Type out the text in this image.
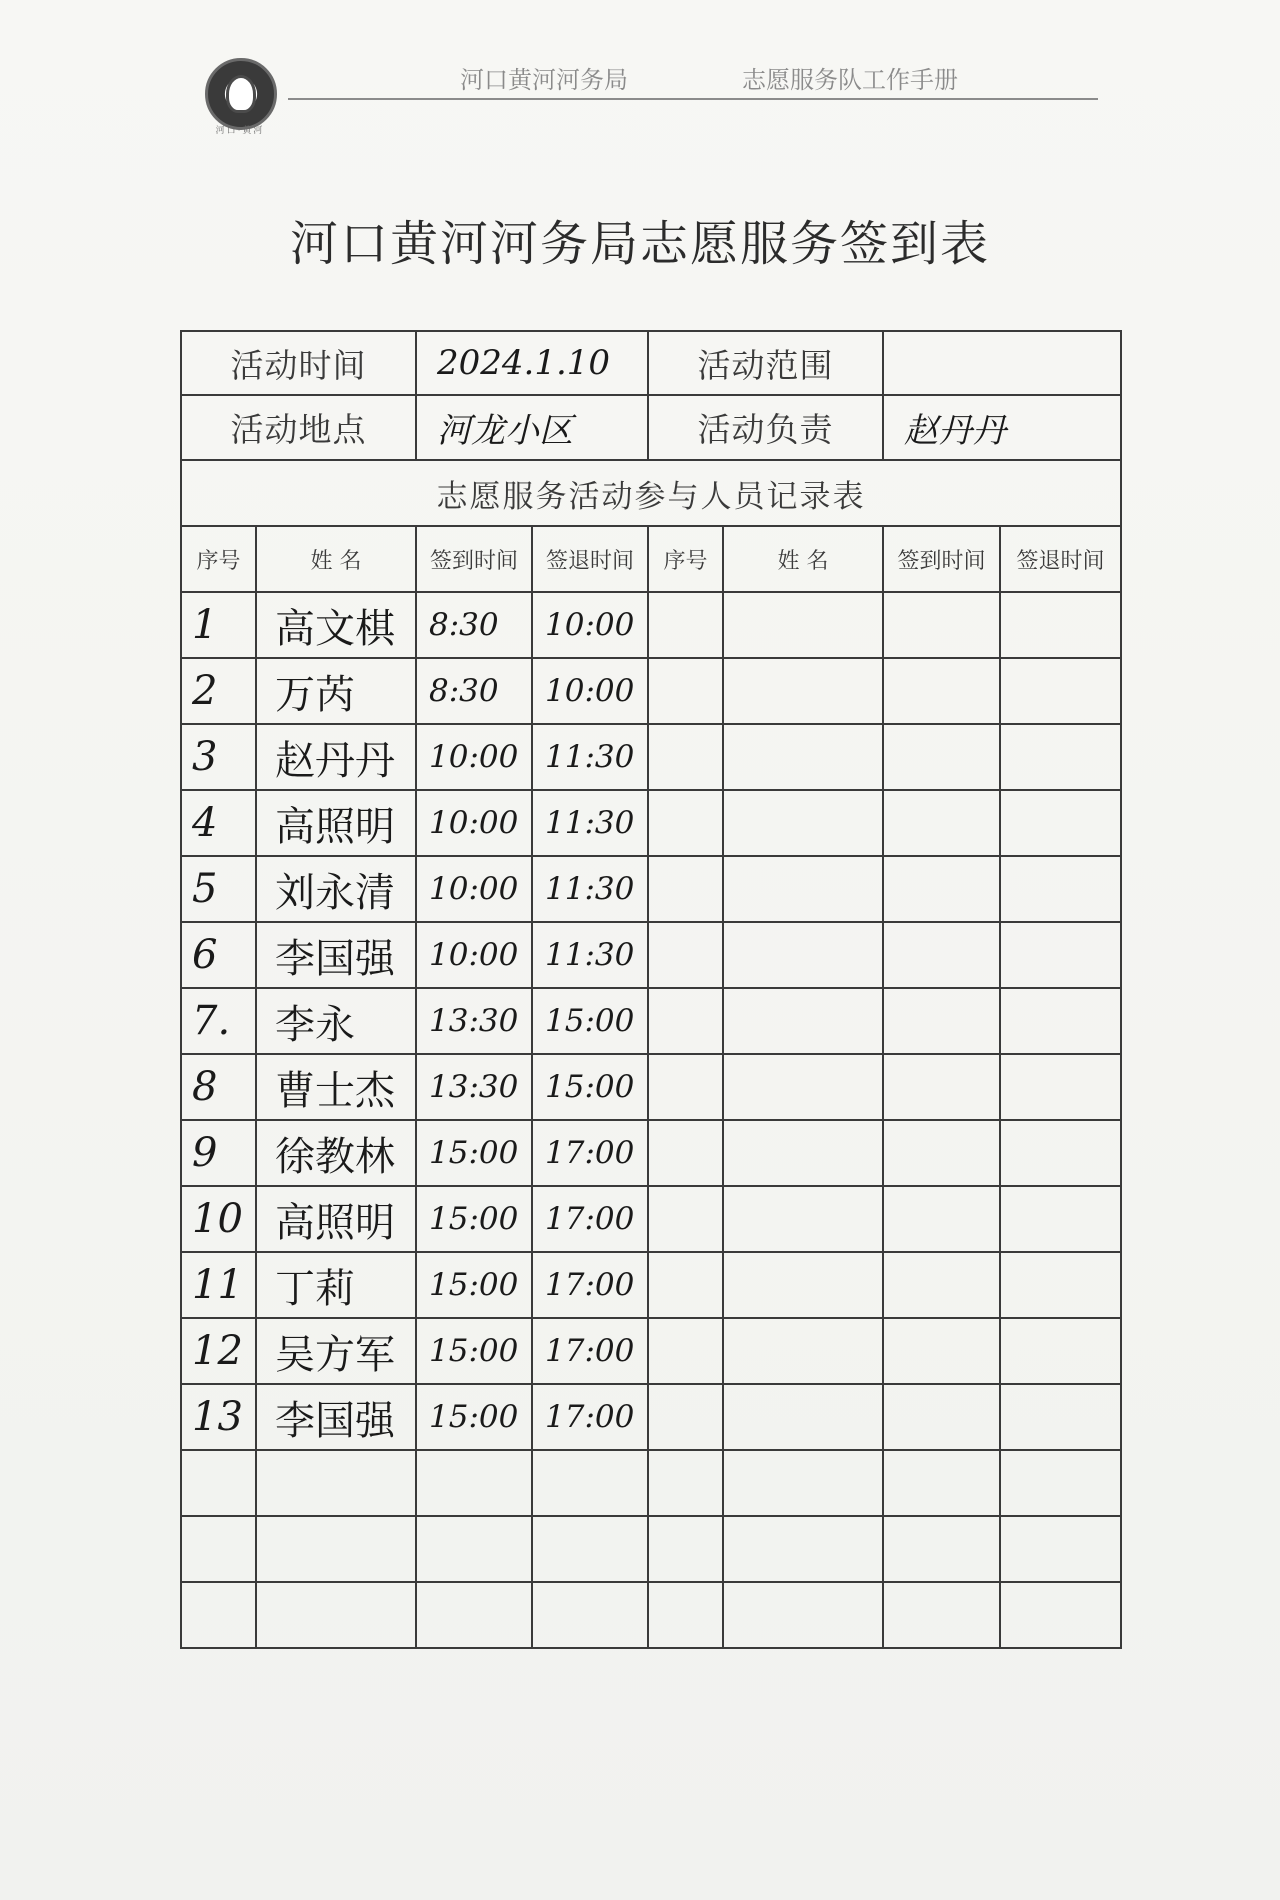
河口·黄河
河口黄河河务局	志愿服务队工作手册
河口黄河河务局志愿服务签到表
活动时间		2024.1.10		活动范围			
活动地点		河龙小区		活动负责		赵丹丹	
志愿服务活动参与人员记录表							
序号	姓 名	签到时间	签退时间	序号	姓 名	签到时间	签退时间
1	高文棋	8:30	10:00				
2	万芮	8:30	10:00				
3	赵丹丹	10:00	11:30				
4	高照明	10:00	11:30				
5	刘永清	10:00	11:30				
6	李国强	10:00	11:30				
7.	李永	13:30	15:00				
8	曹士杰	13:30	15:00				
9	徐教林	15:00	17:00				
10	高照明	15:00	17:00				
11	丁莉	15:00	17:00				
12	吴方军	15:00	17:00				
13	李国强	15:00	17:00				
